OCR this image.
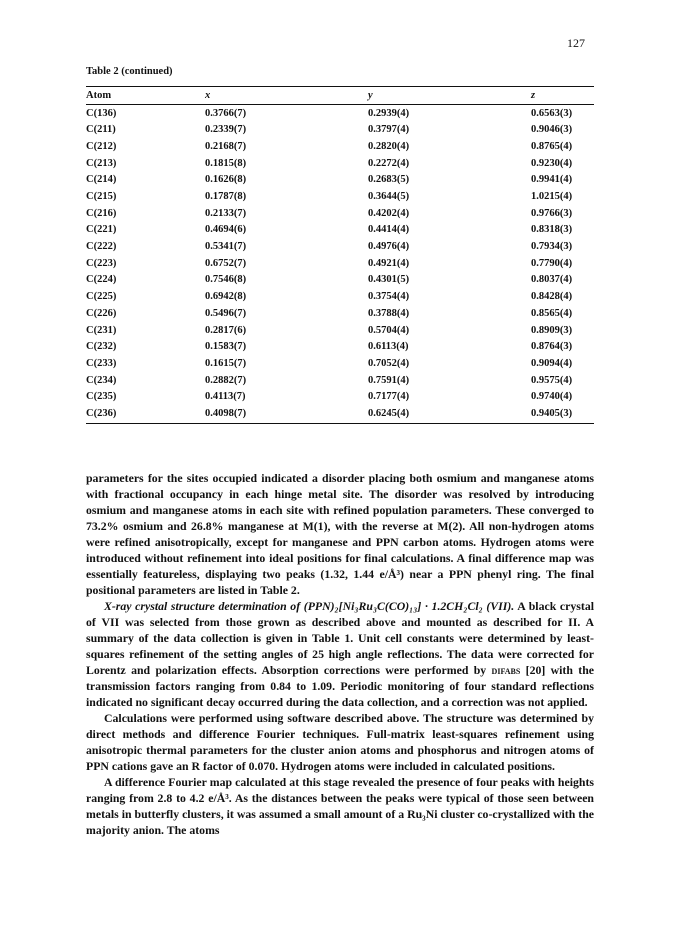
127
Table 2 (continued)
Atom	x	y	z
C(136)	0.3766(7)	0.2939(4)	0.6563(3)
C(211)	0.2339(7)	0.3797(4)	0.9046(3)
C(212)	0.2168(7)	0.2820(4)	0.8765(4)
C(213)	0.1815(8)	0.2272(4)	0.9230(4)
C(214)	0.1626(8)	0.2683(5)	0.9941(4)
C(215)	0.1787(8)	0.3644(5)	1.0215(4)
C(216)	0.2133(7)	0.4202(4)	0.9766(3)
C(221)	0.4694(6)	0.4414(4)	0.8318(3)
C(222)	0.5341(7)	0.4976(4)	0.7934(3)
C(223)	0.6752(7)	0.4921(4)	0.7790(4)
C(224)	0.7546(8)	0.4301(5)	0.8037(4)
C(225)	0.6942(8)	0.3754(4)	0.8428(4)
C(226)	0.5496(7)	0.3788(4)	0.8565(4)
C(231)	0.2817(6)	0.5704(4)	0.8909(3)
C(232)	0.1583(7)	0.6113(4)	0.8764(3)
C(233)	0.1615(7)	0.7052(4)	0.9094(4)
C(234)	0.2882(7)	0.7591(4)	0.9575(4)
C(235)	0.4113(7)	0.7177(4)	0.9740(4)
C(236)	0.4098(7)	0.6245(4)	0.9405(3)

parameters for the sites occupied indicated a disorder placing both osmium and manganese atoms with fractional occupancy in each hinge metal site. The disorder was resolved by introducing osmium and manganese atoms in each site with refined population parameters. These converged to 73.2% osmium and 26.8% manganese at M(1), with the reverse at M(2). All non-hydrogen atoms were refined anisotropically, except for manganese and PPN carbon atoms. Hydrogen atoms were introduced without refinement into ideal positions for final calculations. A final difference map was essentially featureless, displaying two peaks (1.32, 1.44 e/Å³) near a PPN phenyl ring. The final positional parameters are listed in Table 2.

X-ray crystal structure determination of (PPN)₂[Ni₃Ru₃C(CO)₁₃] · 1.2CH₂Cl₂ (VII). A black crystal of VII was selected from those grown as described above and mounted as described for II. A summary of the data collection is given in Table 1. Unit cell constants were determined by least-squares refinement of the setting angles of 25 high angle reflections. The data were corrected for Lorentz and polarization effects. Absorption corrections were performed by difabs [20] with the transmission factors ranging from 0.84 to 1.09. Periodic monitoring of four standard reflections indicated no significant decay occurred during the data collection, and a correction was not applied.

Calculations were performed using software described above. The structure was determined by direct methods and difference Fourier techniques. Full-matrix least-squares refinement using anisotropic thermal parameters for the cluster anion atoms and phosphorus and nitrogen atoms of PPN cations gave an R factor of 0.070. Hydrogen atoms were included in calculated positions.

A difference Fourier map calculated at this stage revealed the presence of four peaks with heights ranging from 2.8 to 4.2 e/Å³. As the distances between the peaks were typical of those seen between metals in butterfly clusters, it was assumed a small amount of a Ru₃Ni cluster co-crystallized with the majority anion. The atoms
